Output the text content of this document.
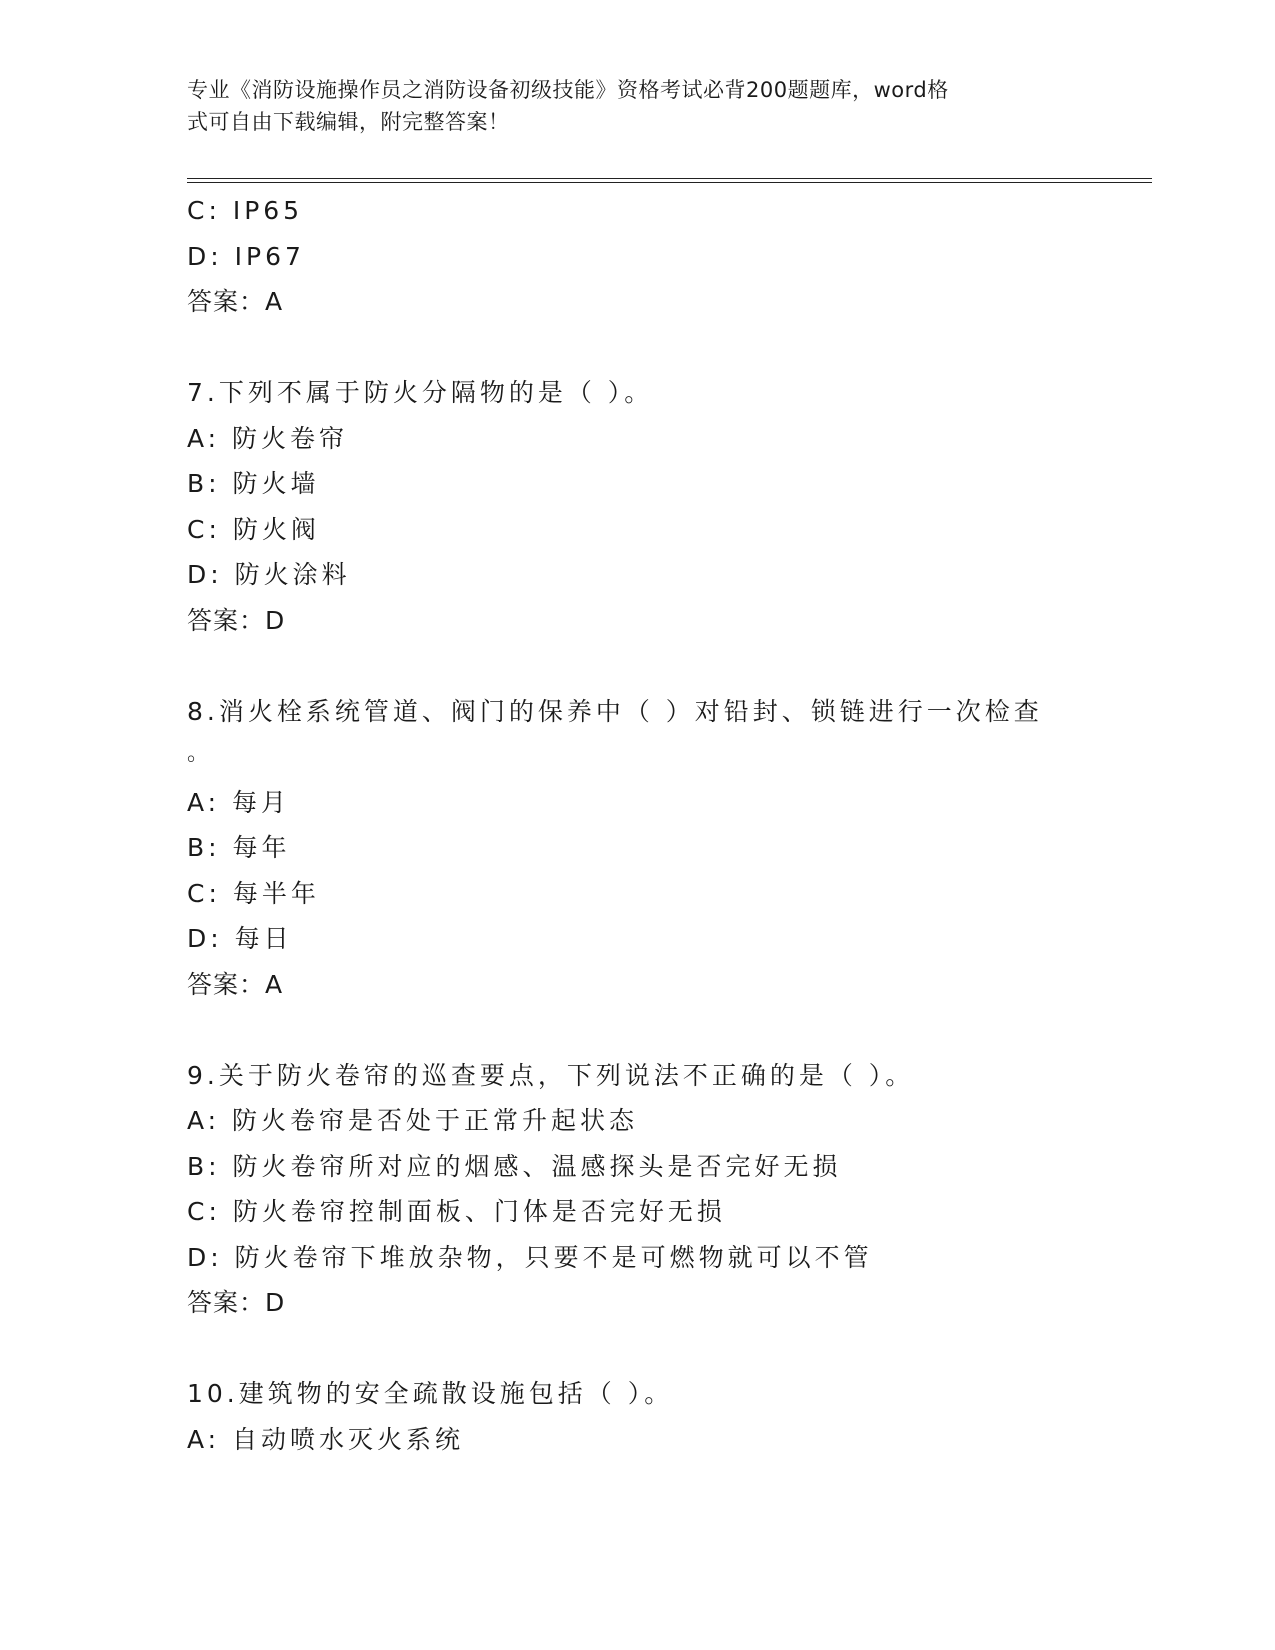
专业《消防设施操作员之消防设备初级技能》资格考试必背200题题库，word格
式可自由下载编辑，附完整答案！
C: IP65
D: IP67
答案：A
7.下列不属于防火分隔物的是（ ）。
A: 防火卷帘
B: 防火墙
C: 防火阀
D: 防火涂料
答案：D
8.消火栓系统管道、阀门的保养中（ ）对铅封、锁链进行一次检查
。
A: 每月
B: 每年
C: 每半年
D: 每日
答案：A
9.关于防火卷帘的巡查要点，下列说法不正确的是（ ）。
A: 防火卷帘是否处于正常升起状态
B: 防火卷帘所对应的烟感、温感探头是否完好无损
C: 防火卷帘控制面板、门体是否完好无损
D: 防火卷帘下堆放杂物，只要不是可燃物就可以不管
答案：D
10.建筑物的安全疏散设施包括（ ）。
A: 自动喷水灭火系统
